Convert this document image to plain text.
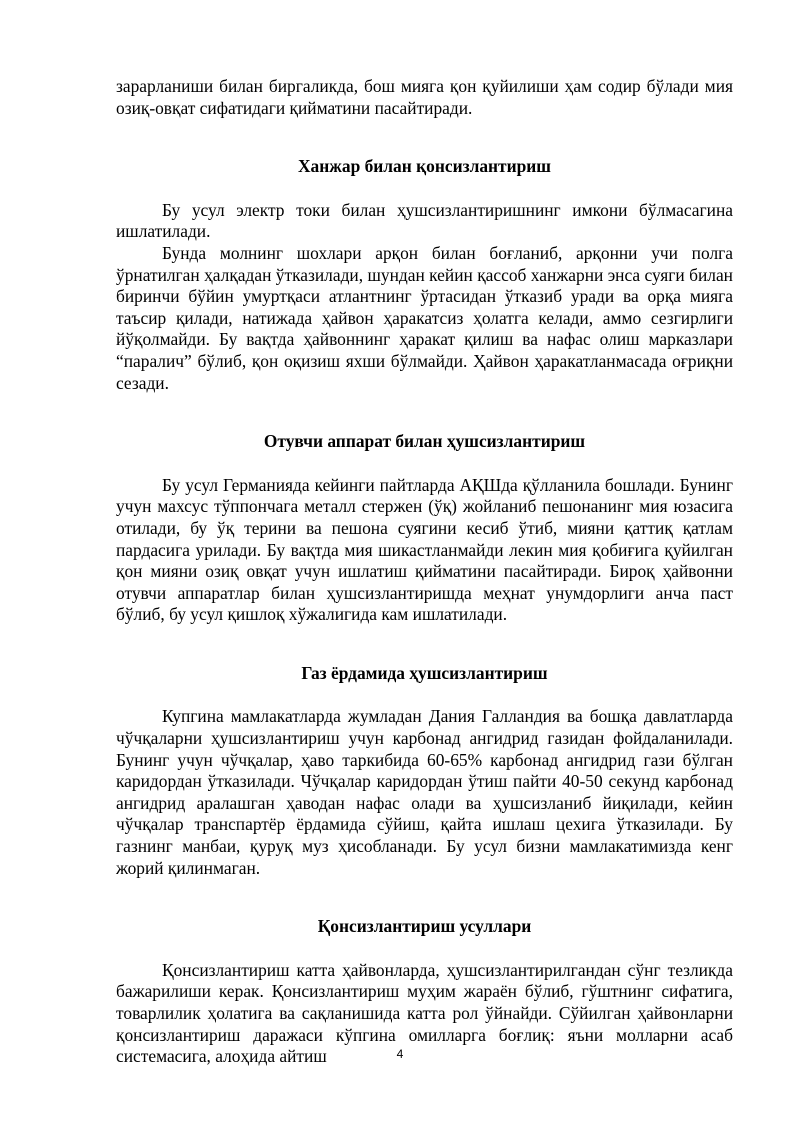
зарарланиши билан биргаликда, бош мияга қон қуйилиши ҳам содир бўлади мия озиқ-овқат сифатидаги қийматини пасайтиради.

Ханжар билан қонсизлантириш

Бу усул электр токи билан ҳушсизлантиришнинг имкони бўлмасагина ишлатилади.

Бунда молнинг шохлари арқон билан боғланиб, арқонни учи полга ўрнатилган ҳалқадан ўтказилади, шундан кейин қассоб ханжарни энса суяги билан биринчи бўйин умуртқаси атлантнинг ўртасидан ўтказиб уради ва орқа мияга таъсир қилади, натижада ҳайвон ҳаракатсиз ҳолатга келади, аммо сезгирлиги йўқолмайди. Бу вақтда ҳайвоннинг ҳаракат қилиш ва нафас олиш марказлари “паралич” бўлиб, қон оқизиш яхши бўлмайди. Ҳайвон ҳаракатланмасада оғриқни сезади.

Отувчи аппарат билан ҳушсизлантириш

Бу усул Германияда кейинги пайтларда АҚШда қўлланила бошлади. Бунинг учун махсус тўппончага металл стержен (ўқ) жойланиб пешонанинг мия юзасига отилади, бу ўқ терини ва пешона суягини кесиб ўтиб, мияни қаттиқ қатлам пардасига урилади. Бу вақтда мия шикастланмайди лекин мия қобиғига қуйилган қон мияни озиқ овқат учун ишлатиш қийматини пасайтиради. Бироқ ҳайвонни отувчи аппаратлар билан ҳушсизлантиришда меҳнат унумдорлиги анча паст бўлиб, бу усул қишлоқ хўжалигида кам ишлатилади.

Газ ёрдамида ҳушсизлантириш

Купгина мамлакатларда жумладан Дания Галландия ва бошқа давлатларда чўчқаларни ҳушсизлантириш учун карбонад ангидрид газидан фойдаланилади. Бунинг учун чўчқалар, ҳаво таркибида 60-65% карбонад ангидрид гази бўлган каридордан ўтказилади. Чўчқалар каридордан ўтиш пайти 40-50 секунд карбонад ангидрид аралашган ҳаводан нафас олади ва ҳушсизланиб йиқилади, кейин чўчқалар транспартёр ёрдамида сўйиш, қайта ишлаш цехига ўтказилади. Бу газнинг манбаи, қуруқ муз ҳисобланади. Бу усул бизни мамлакатимизда кенг жорий қилинмаган.

Қонсизлантириш усуллари

Қонсизлантириш катта ҳайвонларда, ҳушсизлантирилгандан сўнг тезликда бажарилиши керак. Қонсизлантириш муҳим жараён бўлиб, гўштнинг сифатига, товарлилик ҳолатига ва сақланишида катта рол ўйнайди. Сўйилган ҳайвонларни қонсизлантириш даражаси кўпгина омилларга боғлиқ: яъни молларни асаб системасига, алоҳида айтиш	4
